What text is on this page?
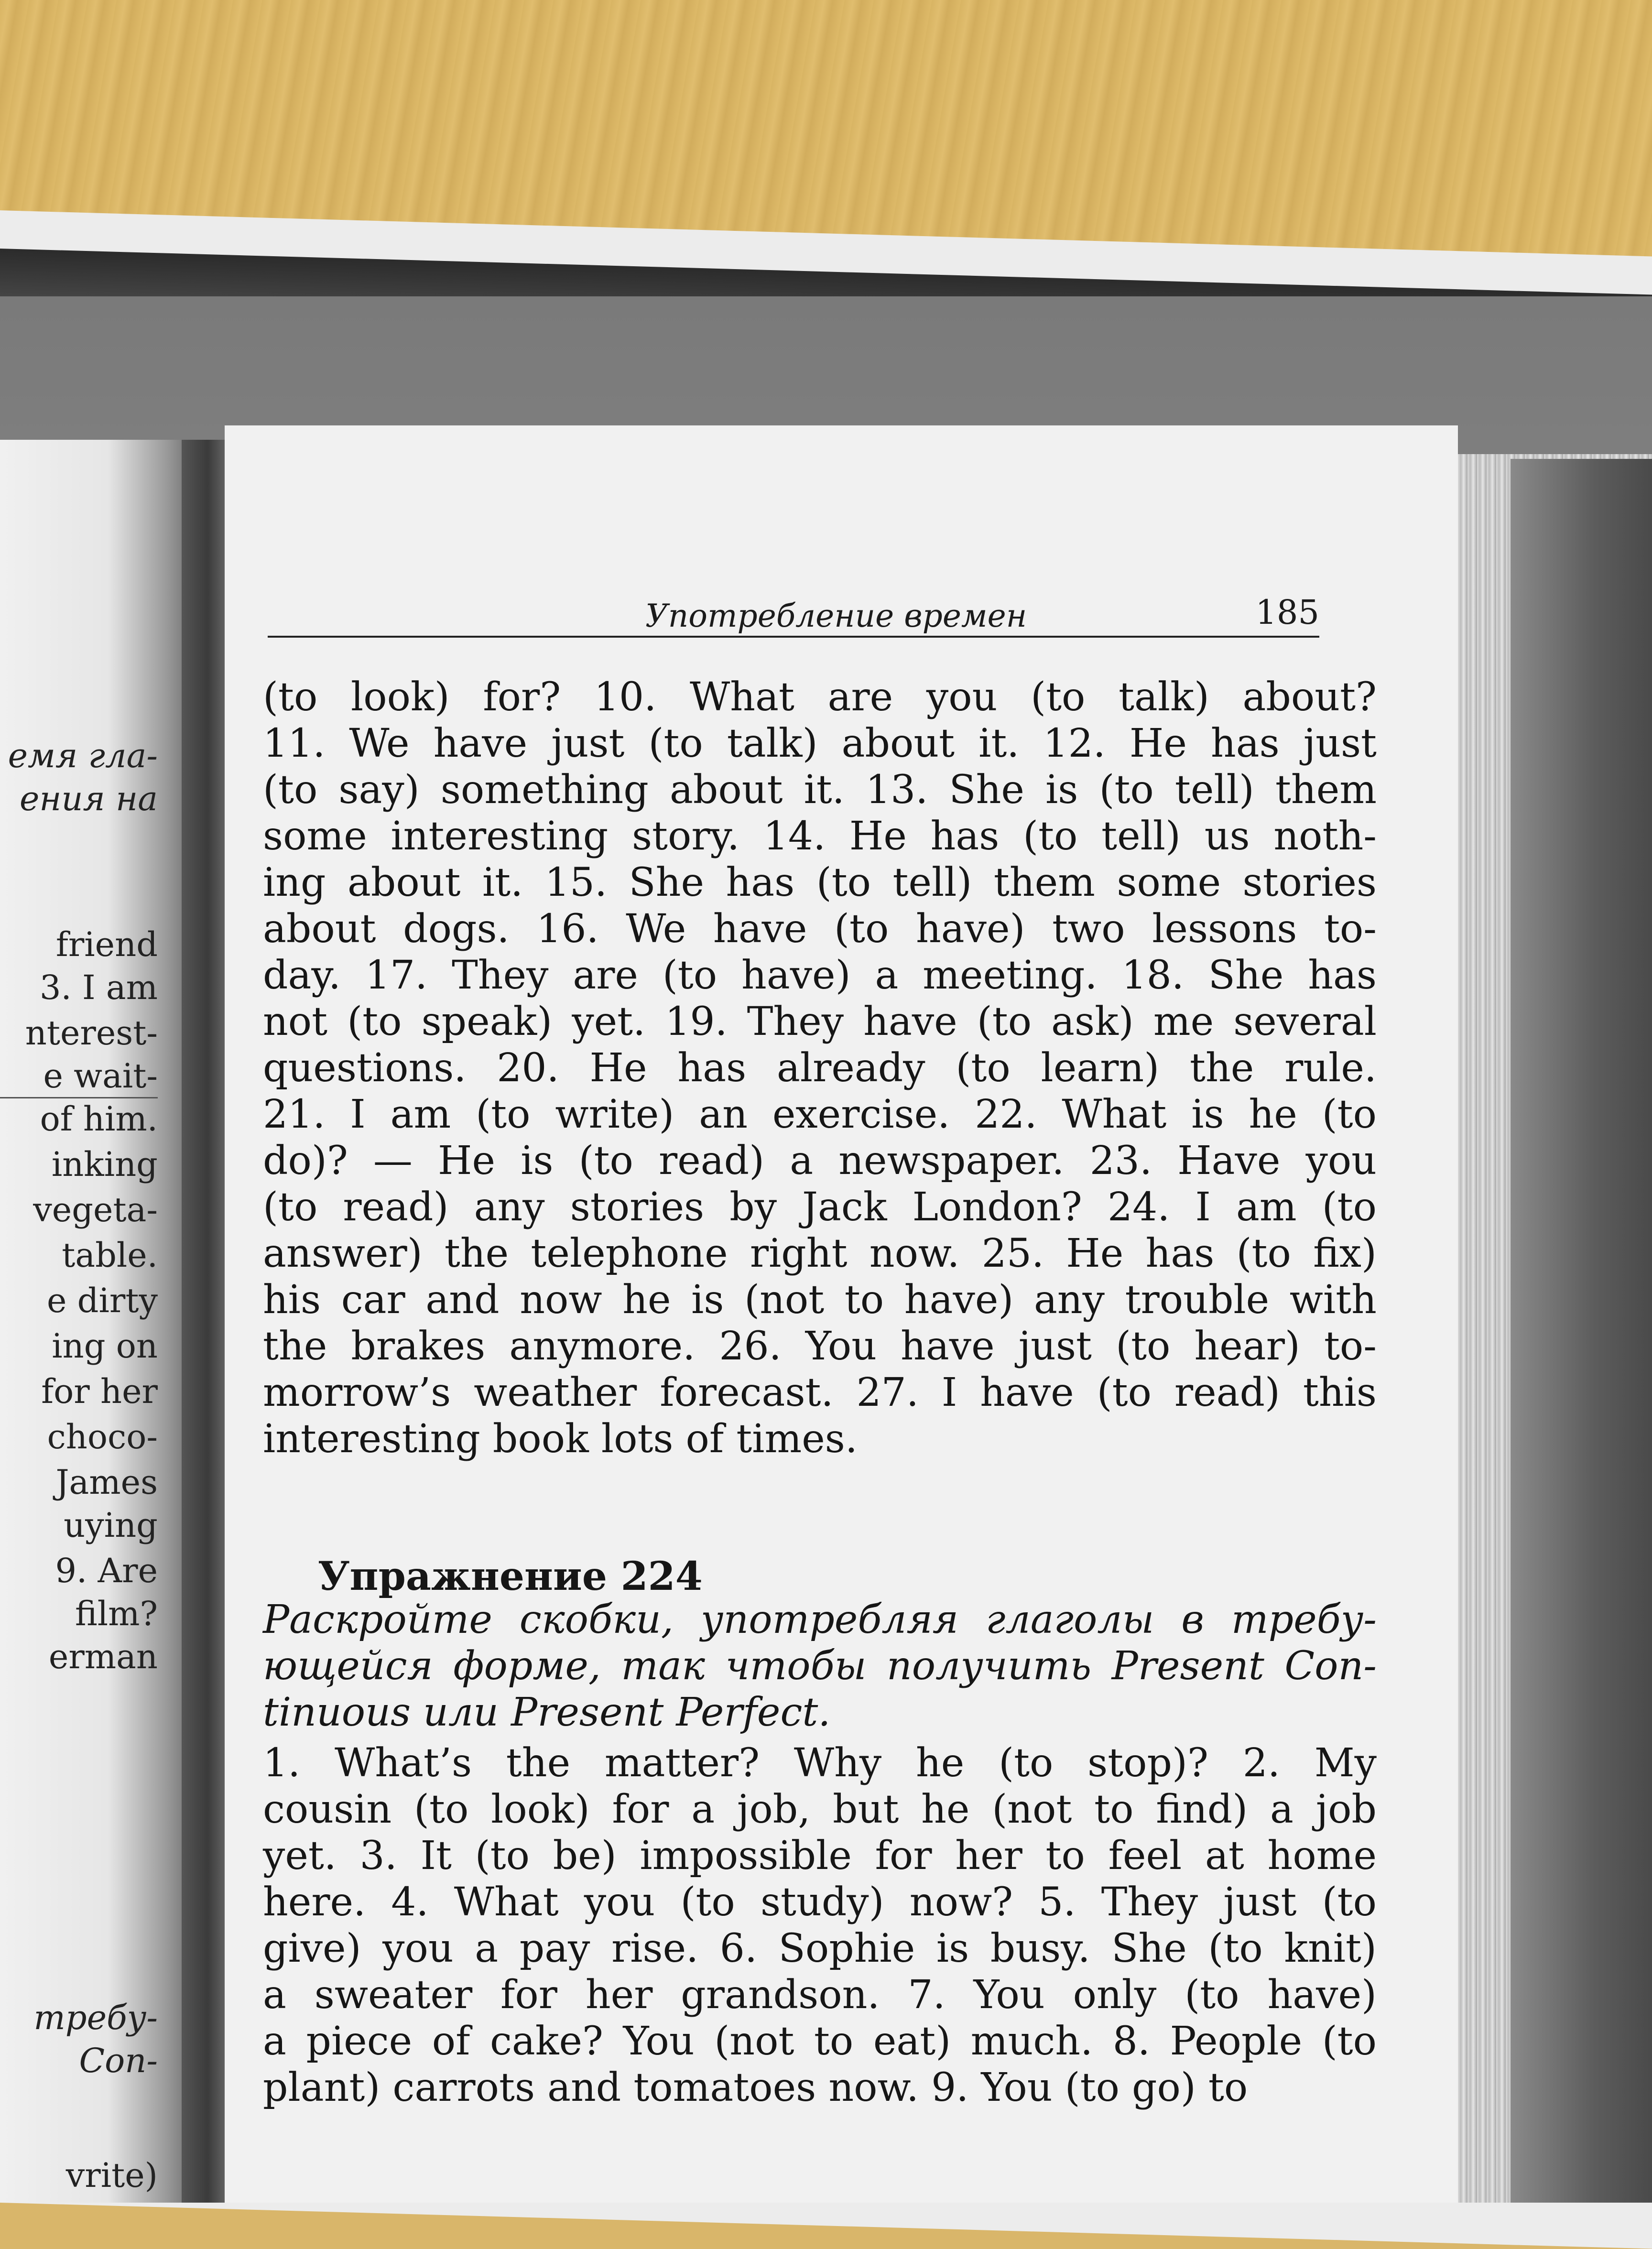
емя гла-
ения на
friend
3. I am
nterest-
e wait-
of him.
inking
vegeta-
table.
e dirty
ing on
for her
choco-
James
uying
9. Are
film?
erman
требу-
Con-
vrite)
Употребление времен	185
(to look) for? 10. What are you (to talk) about?
11. We have just (to talk) about it. 12. He has just
(to say) something about it. 13. She is (to tell) them
some interesting story. 14. He has (to tell) us noth-
ing about it. 15. She has (to tell) them some stories
about dogs. 16. We have (to have) two lessons to-
day. 17. They are (to have) a meeting. 18. She has
not (to speak) yet. 19. They have (to ask) me several
questions. 20. He has already (to learn) the rule.
21. I am (to write) an exercise. 22. What is he (to
do)? — He is (to read) a newspaper. 23. Have you
(to read) any stories by Jack London? 24. I am (to
answer) the telephone right now. 25. He has (to fix)
his car and now he is (not to have) any trouble with
the brakes anymore. 26. You have just (to hear) to-
morrow’s weather forecast. 27. I have (to read) this
interesting book lots of times.
Упражнение 224
Раскройте скобки, употребляя глаголы в требу-
ющейся форме, так чтобы получить Present Con-
tinuous или Present Perfect.
1. What’s the matter? Why he (to stop)? 2. My
cousin (to look) for a job, but he (not to find) a job
yet. 3. It (to be) impossible for her to feel at home
here. 4. What you (to study) now? 5. They just (to
give) you a pay rise. 6. Sophie is busy. She (to knit)
a sweater for her grandson. 7. You only (to have)
a piece of cake? You (not to eat) much. 8. People (to
plant) carrots and tomatoes now. 9. You (to go) to
